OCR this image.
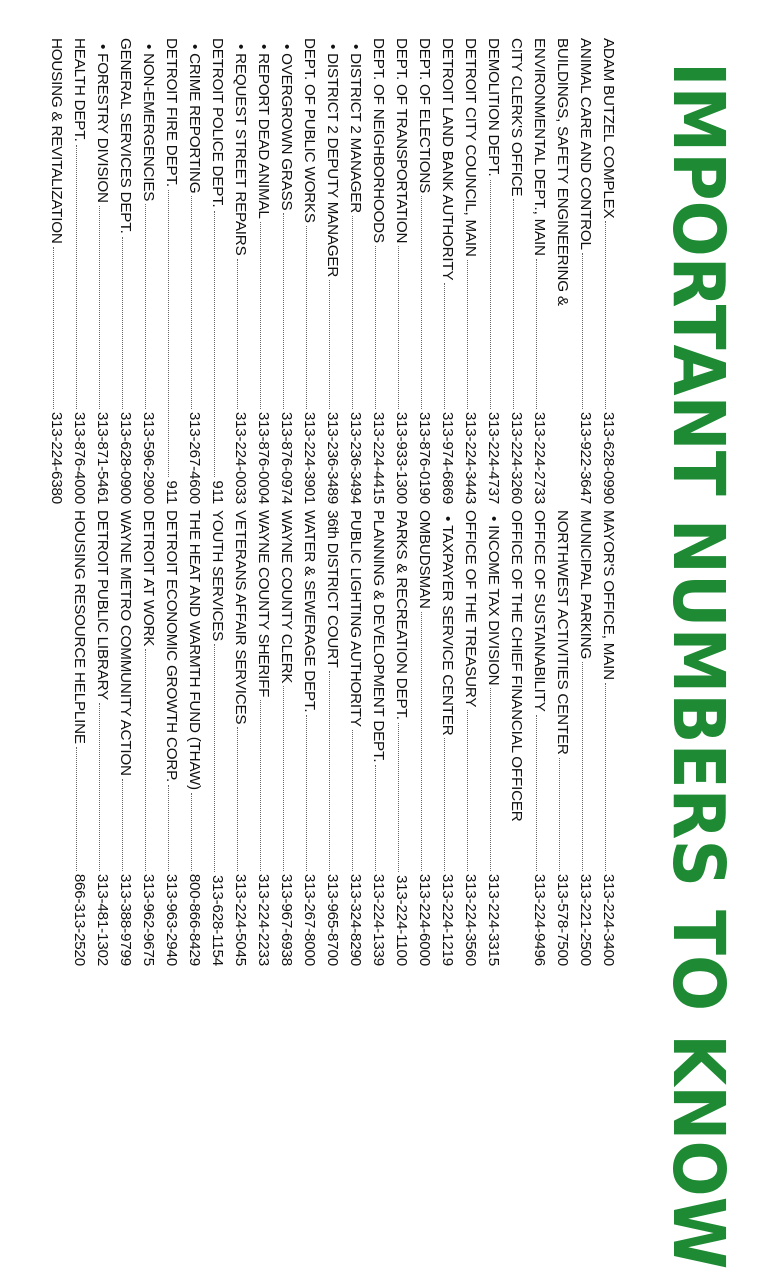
IMPORTANT NUMBERS TO KNOW
ADAM BUTZEL COMPLEX
313-628-0990
ANIMAL CARE AND CONTROL
313-922-3647
BUILDINGS, SAFETY ENGINEERING &
ENVIRONMENTAL DEPT., MAIN
313-224-2733
CITY CLERK'S OFFICE
313-224-3260
DEMOLITION DEPT.
313-224-4737
DETROIT CITY COUNCIL, MAIN
313-224-3443
DETROIT LAND BANK AUTHORITY
313-974-6869
DEPT. OF ELECTIONS
313-876-0190
DEPT. OF TRANSPORTATION
313-933-1300
DEPT. OF NEIGHBORHOODS
313-224-4415
• DISTRICT 2 MANAGER
313-236-3494
• DISTRICT 2 DEPUTY MANAGER
313-236-3489
DEPT. OF PUBLIC WORKS
313-224-3901
• OVERGROWN GRASS
313-876-0974
• REPORT DEAD ANIMAL
313-876-0004
• REQUEST STREET REPAIRS
313-224-0033
DETROIT POLICE DEPT.
911
• CRIME REPORTING
313-267-4600
DETROIT FIRE DEPT.
911
• NON-EMERGENCIES
313-596-2900
GENERAL SERVICES DEPT.
313-628-0900
• FORESTRY DIVISION
313-871-5461
HEALTH DEPT.
313-876-4000
HOUSING & REVITALIZATION
313-224-6380
MAYOR'S OFFICE, MAIN
313-224-3400
MUNICIPAL PARKING
313-221-2500
NORTHWEST ACTIVITIES CENTER
313-578-7500
OFFICE OF SUSTAINABILITY
313-224-9496
OFFICE OF THE CHIEF FINANCIAL OFFICER
• INCOME TAX DIVISION
313-224-3315
OFFICE OF THE TREASURY
313-224-3560
• TAXPAYER SERVICE CENTER
313-224-1219
OMBUDSMAN
313-224-6000
PARKS & RECREATION DEPT.
313-224-1100
PLANNING & DEVELOPMENT DEPT.
313-224-1339
PUBLIC LIGHTING AUTHORITY
313-324-8290
36th DISTRICT COURT
313-965-8700
WATER & SEWERAGE DEPT.
313-267-8000
WAYNE COUNTY CLERK
313-967-6938
WAYNE COUNTY SHERIFF
313-224-2233
VETERANS AFFAIR SERVICES
313-224-5045
YOUTH SERVICES
313-628-1154
THE HEAT AND WARMTH FUND (THAW)
800-866-8429
DETROIT ECONOMIC GROWTH CORP.
313-963-2940
DETROIT AT WORK
313-962-9675
WAYNE METRO COMMUNITY ACTION
313-388-9799
DETROIT PUBLIC LIBRARY
313-481-1302
HOUSING RESOURCE HELPLINE
866-313-2520
